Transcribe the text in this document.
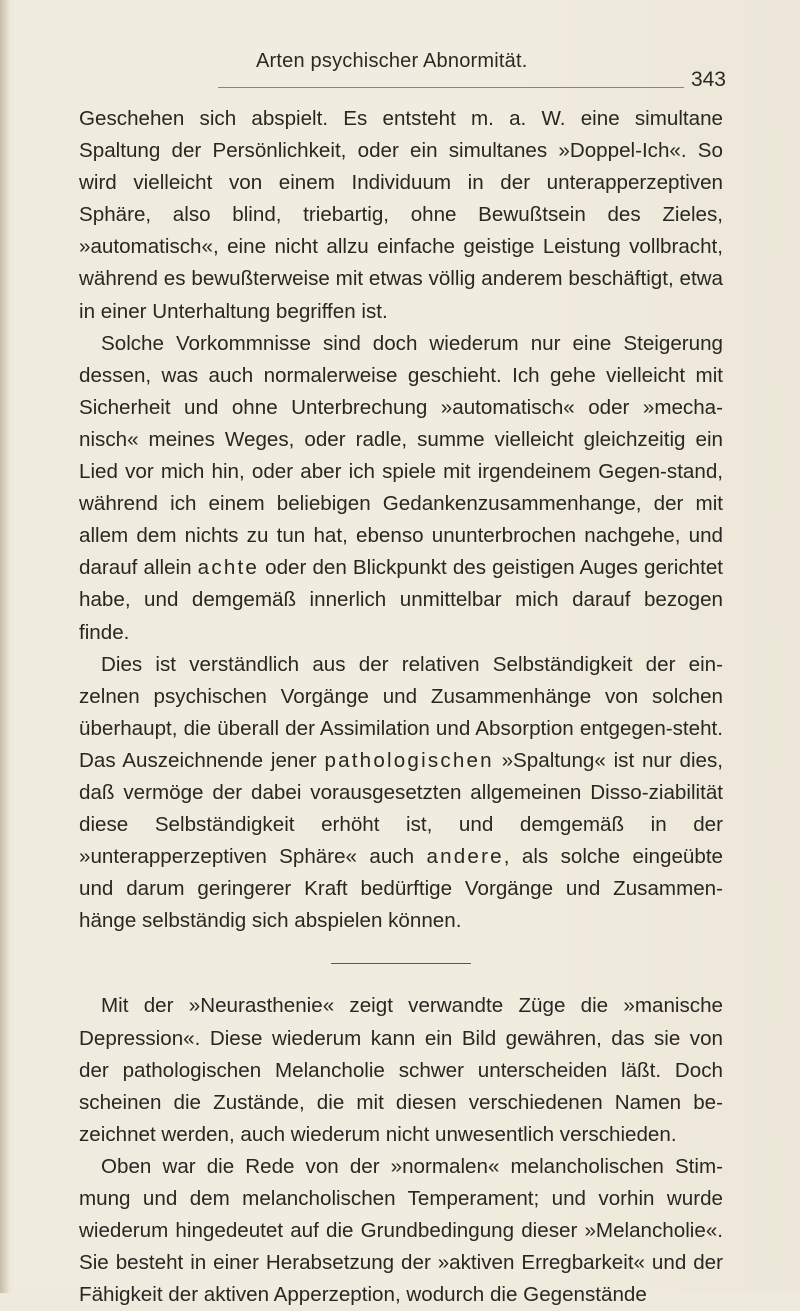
Arten psychischer Abnormität.
343

Geschehen sich abspielt. Es entsteht m. a. W. eine simultane Spaltung der Persönlichkeit, oder ein simultanes »Doppel-Ich«. So wird vielleicht von einem Individuum in der unterapperzeptiven Sphäre, also blind, triebartig, ohne Bewußtsein des Zieles, »automatisch«, eine nicht allzu einfache geistige Leistung vollbracht, während es bewußterweise mit etwas völlig anderem beschäftigt, etwa in einer Unterhaltung begriffen ist.

Solche Vorkommnisse sind doch wiederum nur eine Steigerung dessen, was auch normalerweise geschieht. Ich gehe vielleicht mit Sicherheit und ohne Unterbrechung »automatisch« oder »mecha-nisch« meines Weges, oder radle, summe vielleicht gleichzeitig ein Lied vor mich hin, oder aber ich spiele mit irgendeinem Gegen-stand, während ich einem beliebigen Gedankenzusammenhange, der mit allem dem nichts zu tun hat, ebenso ununterbrochen nachgehe, und darauf allein achte oder den Blickpunkt des geistigen Auges gerichtet habe, und demgemäß innerlich unmittelbar mich darauf bezogen finde.

Dies ist verständlich aus der relativen Selbständigkeit der ein-zelnen psychischen Vorgänge und Zusammenhänge von solchen überhaupt, die überall der Assimilation und Absorption entgegen-steht. Das Auszeichnende jener pathologischen »Spaltung« ist nur dies, daß vermöge der dabei vorausgesetzten allgemeinen Disso-ziabilität diese Selbständigkeit erhöht ist, und demgemäß in der »unterapperzeptiven Sphäre« auch andere, als solche eingeübte und darum geringerer Kraft bedürftige Vorgänge und Zusammen-hänge selbständig sich abspielen können.

Mit der »Neurasthenie« zeigt verwandte Züge die »manische Depression«. Diese wiederum kann ein Bild gewähren, das sie von der pathologischen Melancholie schwer unterscheiden läßt. Doch scheinen die Zustände, die mit diesen verschiedenen Namen be-zeichnet werden, auch wiederum nicht unwesentlich verschieden.

Oben war die Rede von der »normalen« melancholischen Stim-mung und dem melancholischen Temperament; und vorhin wurde wiederum hingedeutet auf die Grundbedingung dieser »Melancholie«. Sie besteht in einer Herabsetzung der »aktiven Erregbarkeit« und der Fähigkeit der aktiven Apperzeption, wodurch die Gegenstände
